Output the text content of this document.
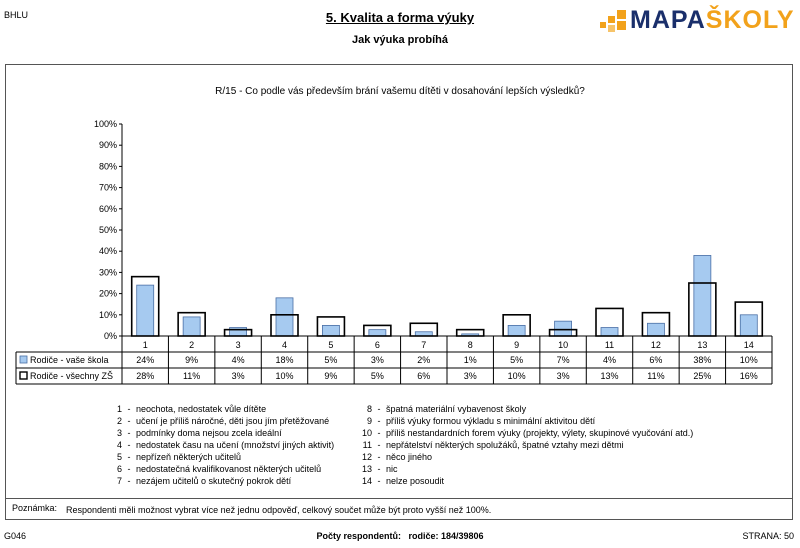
BHLU	5. Kvalita a forma výuky
Jak výuka probíhá
MAPAŠKOLY
R/15 - Co podle vás především brání vašemu dítěti v dosahování lepších výsledků?
0%
10%
20%
30%
40%
50%
60%
70%
80%
90%
100%
1	2	3	4	5	6	7	8	9	10	11	12	13	14
Rodiče - vaše škola	24%	9%	4%	18%	5%	3%	2%	1%	5%	7%	4%	6%	38%	10%
Rodiče - všechny ZŠ	28%	11%	3%	10%	9%	5%	6%	3%	10%	3%	13%	11%	25%	16%
1 - neochota, nedostatek vůle dítěte
2 - učení je příliš náročné, děti jsou jím přetěžované
3 - podmínky doma nejsou zcela ideální
4 - nedostatek času na učení (množství jiných aktivit)
5 - nepřízeň některých učitelů
6 - nedostatečná kvalifikovanost některých učitelů
7 - nezájem učitelů o skutečný pokrok dětí
8 - špatná materiální vybavenost školy
9 - příliš výuky formou výkladu s minimální aktivitou dětí
10 - příliš nestandardních forem výuky (projekty, výlety, skupinové vyučování atd.)
11 - nepřátelství některých spolužáků, špatné vztahy mezi dětmi
12 - něco jiného
13 - nic
14 - nelze posoudit
Poznámka: Respondenti měli možnost vybrat více než jednu odpověď, celkový součet může být proto vyšší než 100%.
G046	Počty respondentů: rodiče: 184/39806	STRANA: 50
